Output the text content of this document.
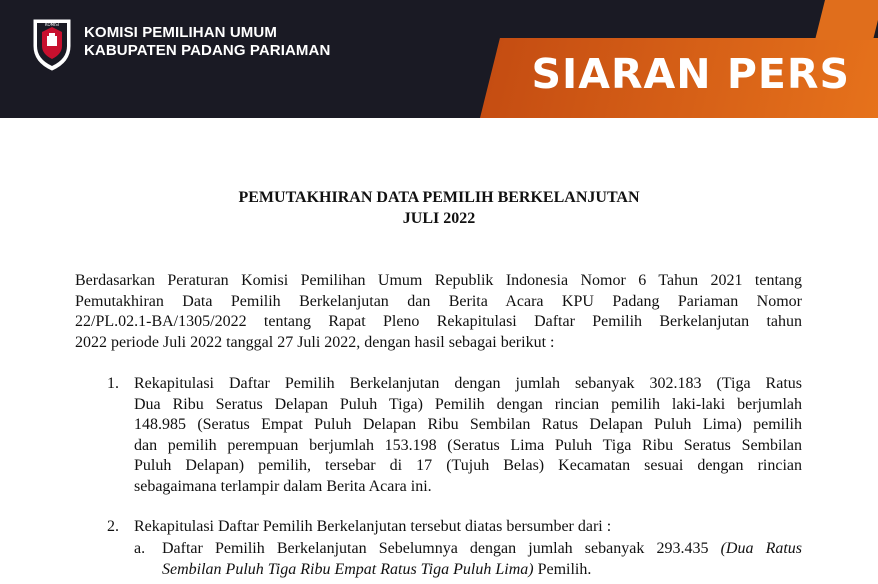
KOMISI KOMISI PEMILIHAN UMUM
KABUPATEN PADANG PARIAMAN	SIARAN PERS
PEMUTAKHIRAN DATA PEMILIH BERKELANJUTAN
JULI 2022
Berdasarkan Peraturan Komisi Pemilihan Umum Republik Indonesia Nomor 6 Tahun 2021 tentang
Pemutakhiran Data Pemilih Berkelanjutan dan Berita Acara KPU Padang Pariaman Nomor
22/PL.02.1-BA/1305/2022 tentang Rapat Pleno Rekapitulasi Daftar Pemilih Berkelanjutan tahun
2022 periode Juli 2022 tanggal 27 Juli 2022, dengan hasil sebagai berikut :
1. Rekapitulasi Daftar Pemilih Berkelanjutan dengan jumlah sebanyak 302.183 (Tiga Ratus
Dua Ribu Seratus Delapan Puluh Tiga) Pemilih dengan rincian pemilih laki-laki berjumlah
148.985 (Seratus Empat Puluh Delapan Ribu Sembilan Ratus Delapan Puluh Lima) pemilih
dan pemilih perempuan berjumlah 153.198 (Seratus Lima Puluh Tiga Ribu Seratus Sembilan
Puluh Delapan) pemilih, tersebar di 17 (Tujuh Belas) Kecamatan sesuai dengan rincian
sebagaimana terlampir dalam Berita Acara ini.
2. Rekapitulasi Daftar Pemilih Berkelanjutan tersebut diatas bersumber dari :
a. Daftar Pemilih Berkelanjutan Sebelumnya dengan jumlah sebanyak 293.435 (Dua Ratus
Sembilan Puluh Tiga Ribu Empat Ratus Tiga Puluh Lima) Pemilih.
